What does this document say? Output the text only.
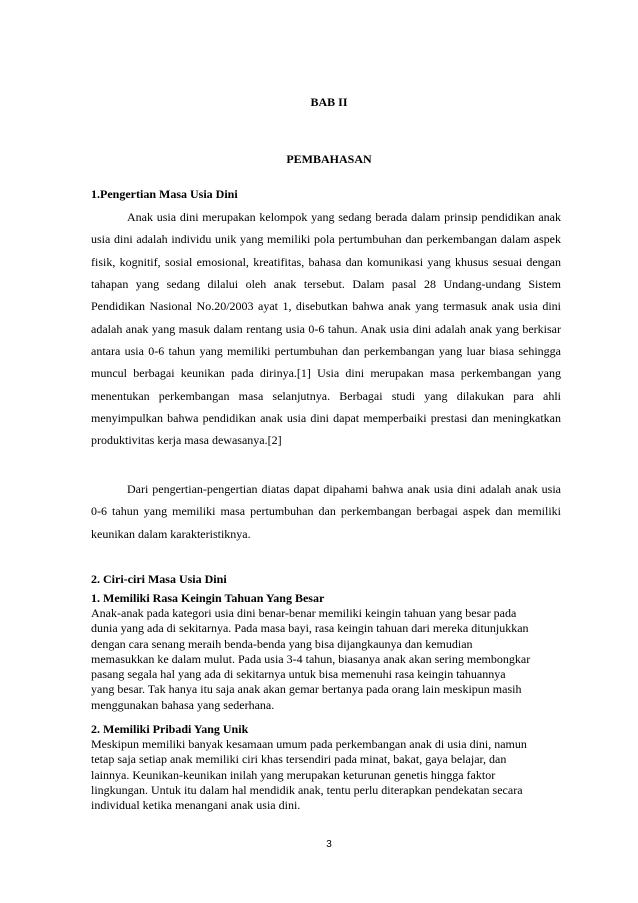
BAB II
PEMBAHASAN
1.Pengertian Masa Usia Dini

Anak usia dini merupakan kelompok yang sedang berada dalam prinsip pendidikan anak usia dini adalah individu unik yang memiliki pola pertumbuhan dan perkembangan dalam aspek fisik, kognitif, sosial emosional, kreatifitas, bahasa dan komunikasi yang khusus sesuai dengan tahapan yang sedang dilalui oleh anak tersebut. Dalam pasal 28 Undang-undang Sistem Pendidikan Nasional No.20/2003 ayat 1, disebutkan bahwa anak yang termasuk anak usia dini adalah anak yang masuk dalam rentang usia 0-6 tahun. Anak usia dini adalah anak yang berkisar antara usia 0-6 tahun yang memiliki pertumbuhan dan perkembangan yang luar biasa sehingga muncul berbagai keunikan pada dirinya.[1] Usia dini merupakan masa perkembangan yang menentukan perkembangan masa selanjutnya. Berbagai studi yang dilakukan para ahli menyimpulkan bahwa pendidikan anak usia dini dapat memperbaiki prestasi dan meningkatkan produktivitas kerja masa dewasanya.[2]

Dari pengertian-pengertian diatas dapat dipahami bahwa anak usia dini adalah anak usia 0-6 tahun yang memiliki masa pertumbuhan dan perkembangan berbagai aspek dan memiliki keunikan dalam karakteristiknya.

2. Ciri-ciri Masa Usia Dini
1. Memiliki Rasa Keingin Tahuan Yang Besar

Anak-anak pada kategori usia dini benar-benar memiliki keingin tahuan yang besar pada

dunia yang ada di sekitarnya. Pada masa bayi, rasa keingin tahuan dari mereka ditunjukkan

dengan cara senang meraih benda-benda yang bisa dijangkaunya dan kemudian

memasukkan ke dalam mulut. Pada usia 3-4 tahun, biasanya anak akan sering membongkar

pasang segala hal yang ada di sekitarnya untuk bisa memenuhi rasa keingin tahuannya

yang besar. Tak hanya itu saja anak akan gemar bertanya pada orang lain meskipun masih

menggunakan bahasa yang sederhana.

2. Memiliki Pribadi Yang Unik

Meskipun memiliki banyak kesamaan umum pada perkembangan anak di usia dini, namun

tetap saja setiap anak memiliki ciri khas tersendiri pada minat, bakat, gaya belajar, dan

lainnya. Keunikan-keunikan inilah yang merupakan keturunan genetis hingga faktor

lingkungan. Untuk itu dalam hal mendidik anak, tentu perlu diterapkan pendekatan secara

individual ketika menangani anak usia dini.

3
